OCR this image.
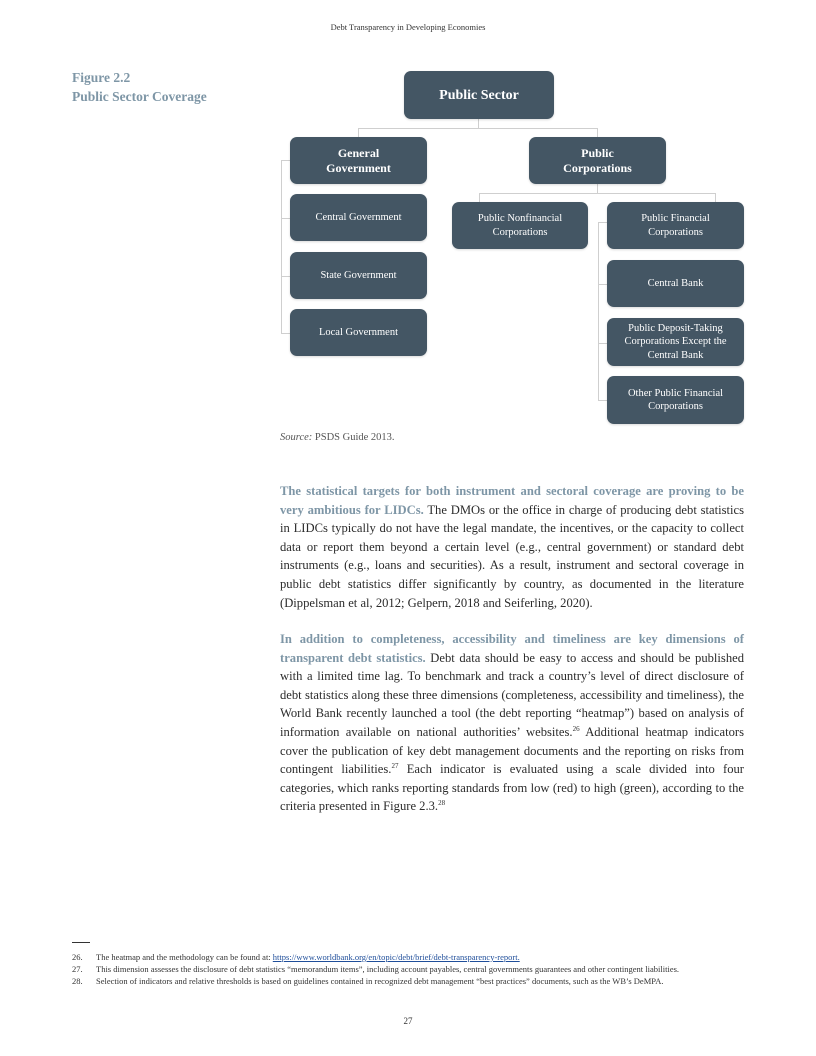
Debt Transparency in Developing Economies
Figure 2.2
Public Sector Coverage	Public Sector
General
Government
Public
Corporations
Central Government
State Government
Local Government
Public Nonfinancial
Corporations
Public Financial
Corporations
Central Bank
Public Deposit-Taking
Corporations Except the
Central Bank
Other Public Financial
Corporations
Source: PSDS Guide 2013.
The statistical targets for both instrument and sectoral coverage are proving to be very ambitious for LIDCs. The DMOs or the office in charge of producing debt statistics in LIDCs typically do not have the legal mandate, the incentives, or the capacity to collect data or report them beyond a certain level (e.g., central government) or standard debt instruments (e.g., loans and securities). As a result, instrument and sectoral coverage in public debt statistics differ significantly by country, as documented in the literature (Dippelsman et al, 2012; Gelpern, 2018 and Seiferling, 2020).
In addition to completeness, accessibility and timeliness are key dimensions of transparent debt statistics. Debt data should be easy to access and should be published with a limited time lag. To benchmark and track a country’s level of direct disclosure of debt statistics along these three dimensions (completeness, accessibility and timeliness), the World Bank recently launched a tool (the debt reporting “heatmap”) based on analysis of information available on national authorities’ websites.$^{26}$ Additional heatmap indicators cover the publication of key debt management documents and the reporting on risks from contingent liabilities.$^{27}$ Each indicator is evaluated using a scale divided into four categories, which ranks reporting standards from low (red) to high (green), according to the criteria presented in Figure 2.3.28
26.	The heatmap and the methodology can be found at: https://www.worldbank.org/en/topic/debt/brief/debt-transparency-report.
27.	This dimension assesses the disclosure of debt statistics “memorandum items”, including account payables, central governments guarantees and other contingent liabilities.
28.	Selection of indicators and relative thresholds is based on guidelines contained in recognized debt management “best practices” documents, such as the WB’s DeMPA.
27
